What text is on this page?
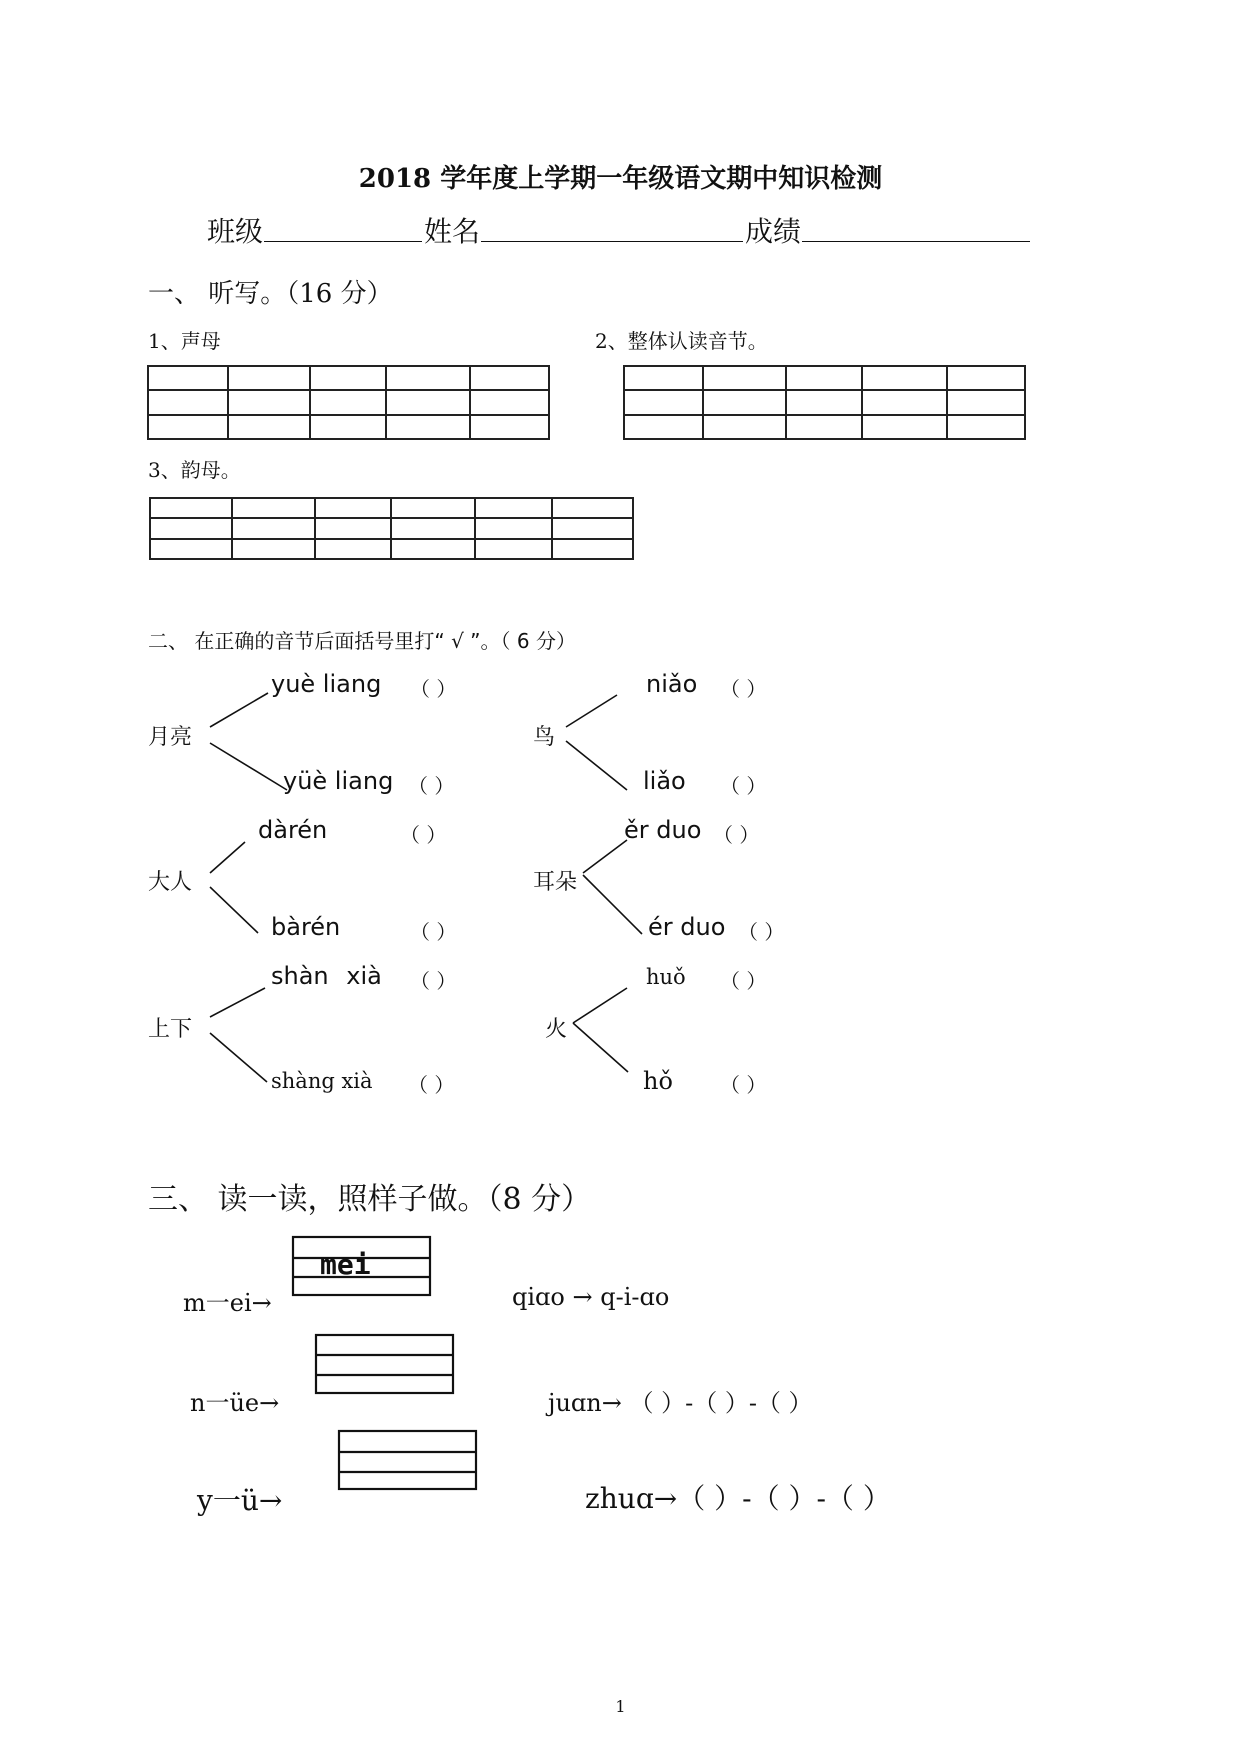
2018 学年度上学期一年级语文期中知识检测
班级	姓名	成绩
一、 听写。（16 分）
1、声母	2、整体认读音节。
3、韵母。
二、 在正确的音节后面括号里打“ √ ”。（ 6 分）
月亮
yuè liang （ ）
yüè liang （ ）
鸟
niǎo （ ）
liǎo （ ）
大人
dàrén	（ ）
bàrén	（ ）
耳朵
ěr duo （ ）
ér duo （ ）
上下
shàn xià （ ）
shàng xià （ ）
火
huǒ （ ）
hǒ （ ）
三、 读一读，照样子做。（8 分）
m一ei→
mei
n一üe→
y一ü→
qiɑo → q-i-ɑo
juɑn→ （ ）-（ ）-（ ）
zhuɑ→（ ）-（ ）-（ ）
1
